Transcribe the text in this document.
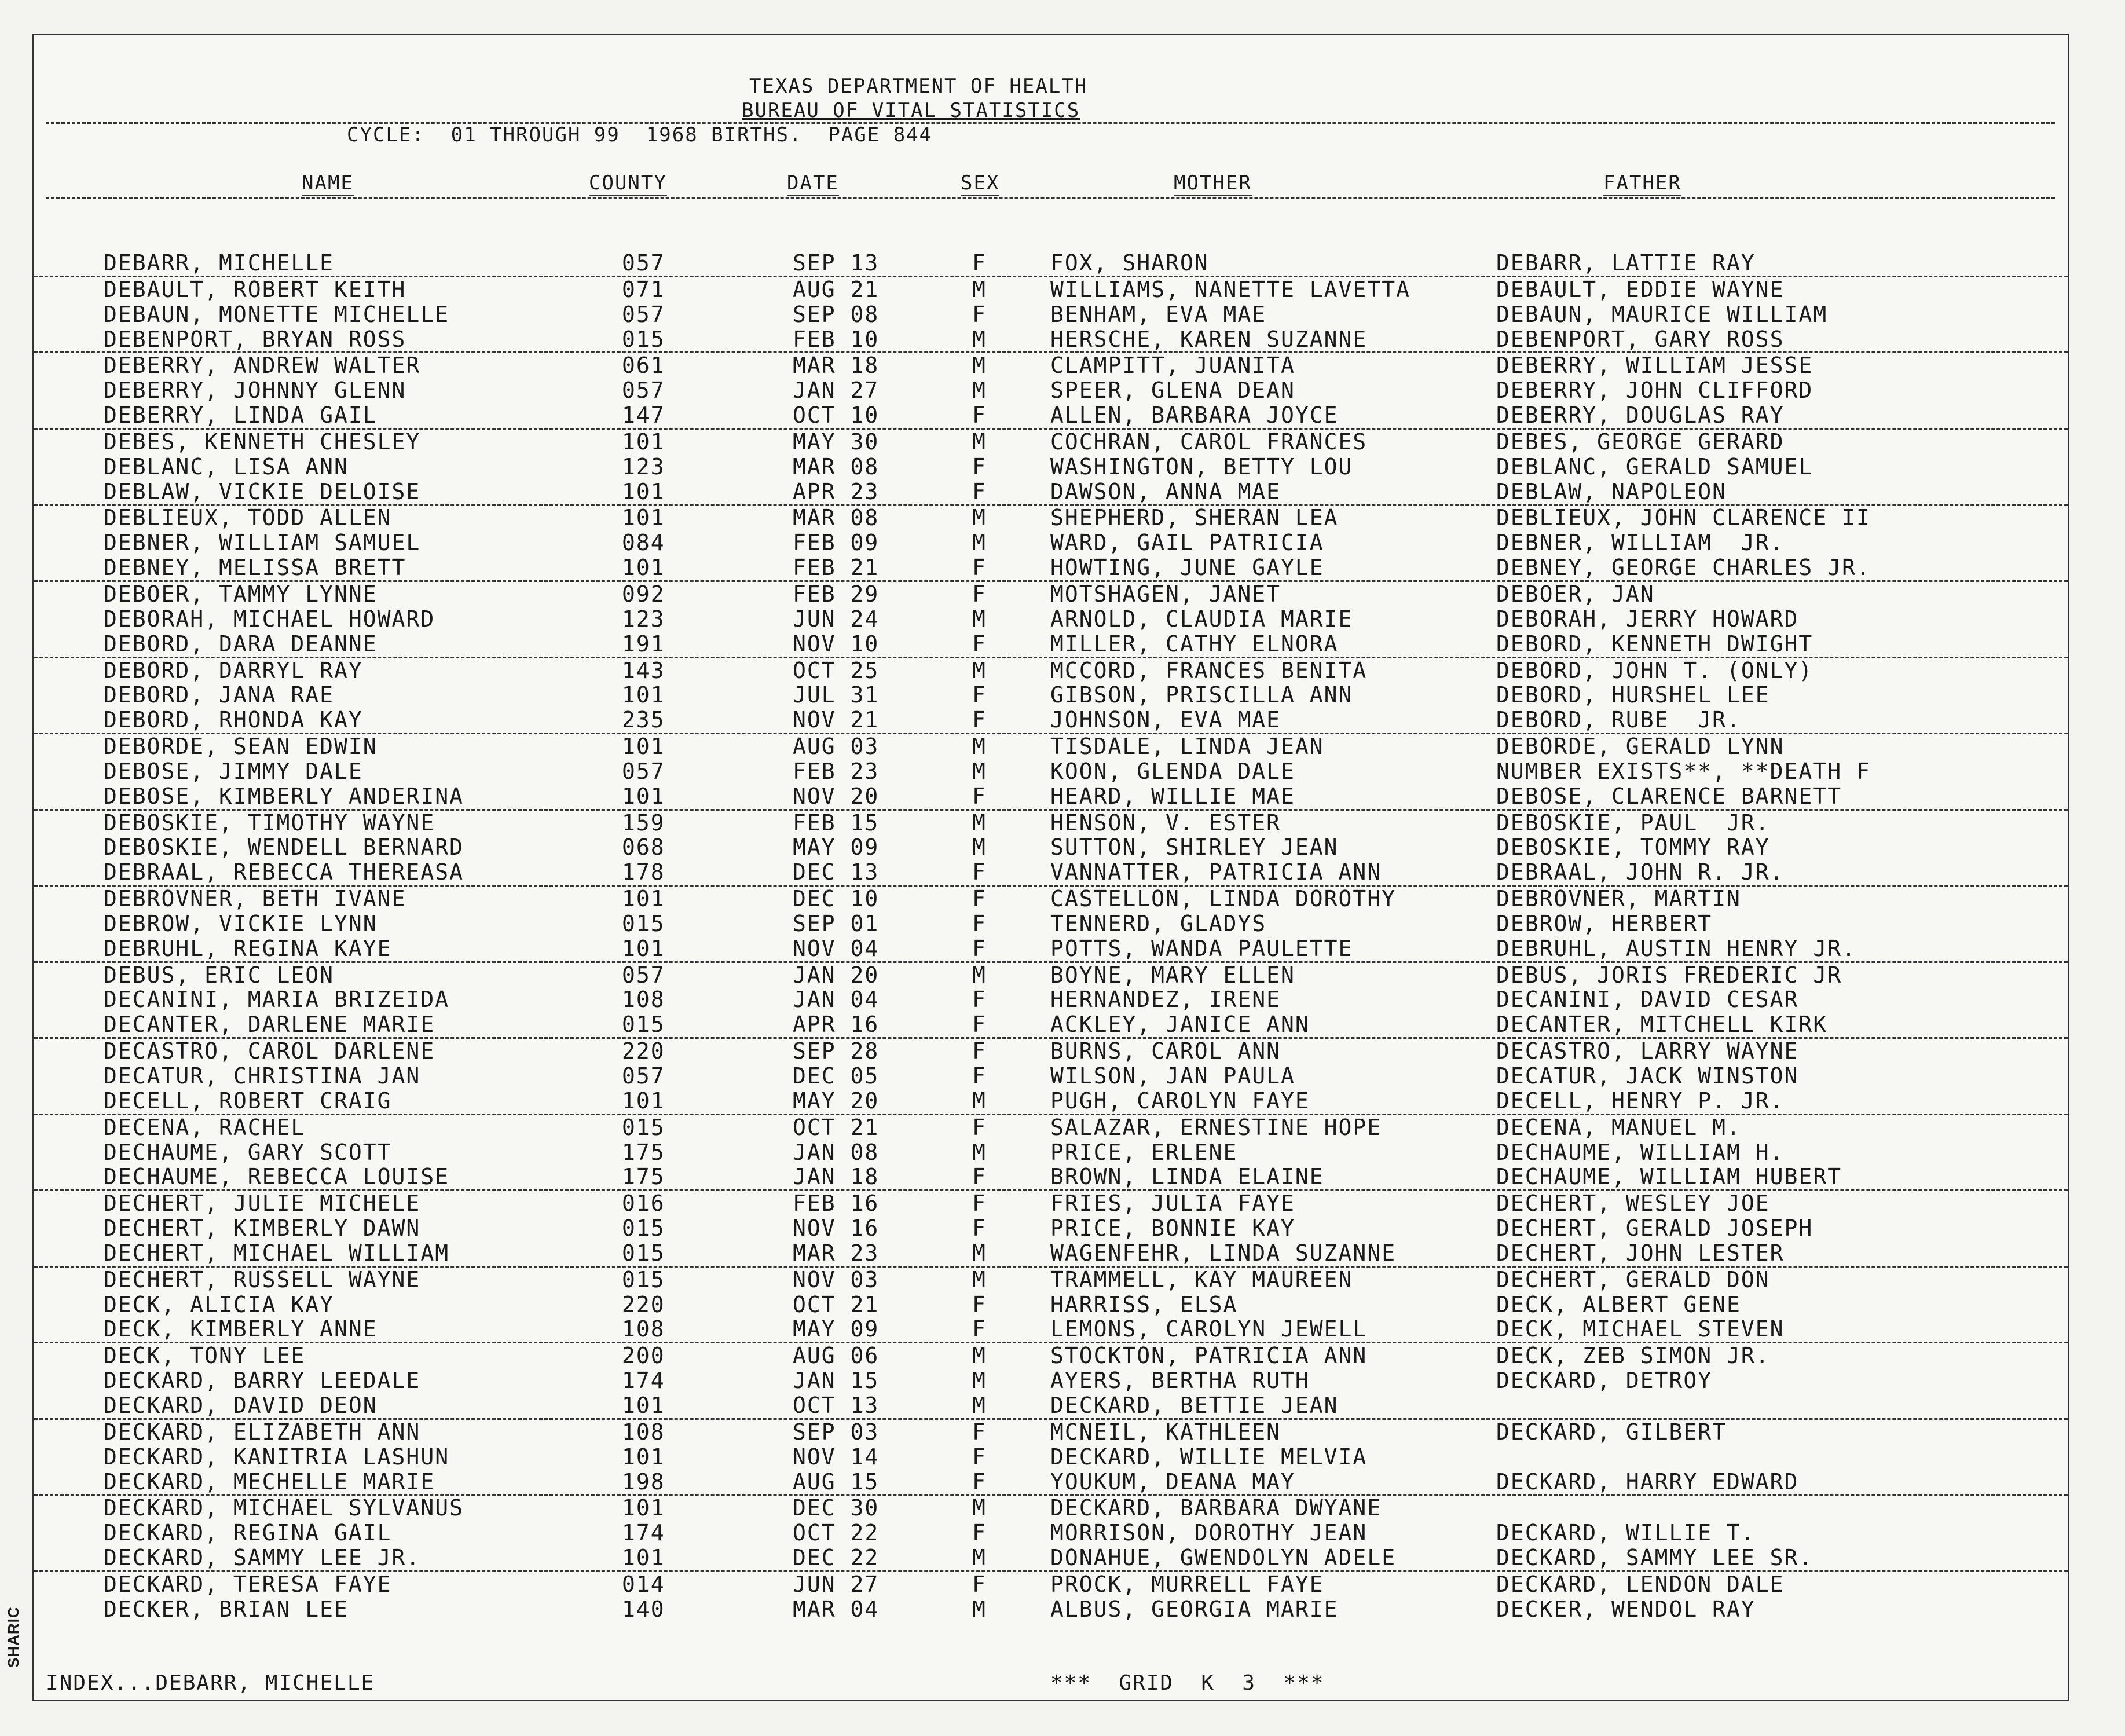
TEXAS DEPARTMENT OF HEALTH
BUREAU OF VITAL STATISTICS
CYCLE:  01 THROUGH 99  1968 BIRTHS.  PAGE 844
NAME	COUNTY	DATE	SEX	MOTHER	FATHER
DEBARR, MICHELLE	057	SEP 13	F	FOX, SHARON	DEBARR, LATTIE RAY
DEBAULT, ROBERT KEITH	071	AUG 21	M	WILLIAMS, NANETTE LAVETTA	DEBAULT, EDDIE WAYNE
DEBAUN, MONETTE MICHELLE	057	SEP 08	F	BENHAM, EVA MAE	DEBAUN, MAURICE WILLIAM
DEBENPORT, BRYAN ROSS	015	FEB 10	M	HERSCHE, KAREN SUZANNE	DEBENPORT, GARY ROSS
DEBERRY, ANDREW WALTER	061	MAR 18	M	CLAMPITT, JUANITA	DEBERRY, WILLIAM JESSE
DEBERRY, JOHNNY GLENN	057	JAN 27	M	SPEER, GLENA DEAN	DEBERRY, JOHN CLIFFORD
DEBERRY, LINDA GAIL	147	OCT 10	F	ALLEN, BARBARA JOYCE	DEBERRY, DOUGLAS RAY
DEBES, KENNETH CHESLEY	101	MAY 30	M	COCHRAN, CAROL FRANCES	DEBES, GEORGE GERARD
DEBLANC, LISA ANN	123	MAR 08	F	WASHINGTON, BETTY LOU	DEBLANC, GERALD SAMUEL
DEBLAW, VICKIE DELOISE	101	APR 23	F	DAWSON, ANNA MAE	DEBLAW, NAPOLEON
DEBLIEUX, TODD ALLEN	101	MAR 08	M	SHEPHERD, SHERAN LEA	DEBLIEUX, JOHN CLARENCE II
DEBNER, WILLIAM SAMUEL	084	FEB 09	M	WARD, GAIL PATRICIA	DEBNER, WILLIAM  JR.
DEBNEY, MELISSA BRETT	101	FEB 21	F	HOWTING, JUNE GAYLE	DEBNEY, GEORGE CHARLES JR.
DEBOER, TAMMY LYNNE	092	FEB 29	F	MOTSHAGEN, JANET	DEBOER, JAN
DEBORAH, MICHAEL HOWARD	123	JUN 24	M	ARNOLD, CLAUDIA MARIE	DEBORAH, JERRY HOWARD
DEBORD, DARA DEANNE	191	NOV 10	F	MILLER, CATHY ELNORA	DEBORD, KENNETH DWIGHT
DEBORD, DARRYL RAY	143	OCT 25	M	MCCORD, FRANCES BENITA	DEBORD, JOHN T. (ONLY)
DEBORD, JANA RAE	101	JUL 31	F	GIBSON, PRISCILLA ANN	DEBORD, HURSHEL LEE
DEBORD, RHONDA KAY	235	NOV 21	F	JOHNSON, EVA MAE	DEBORD, RUBE  JR.
DEBORDE, SEAN EDWIN	101	AUG 03	M	TISDALE, LINDA JEAN	DEBORDE, GERALD LYNN
DEBOSE, JIMMY DALE	057	FEB 23	M	KOON, GLENDA DALE	NUMBER EXISTS**, **DEATH F
DEBOSE, KIMBERLY ANDERINA	101	NOV 20	F	HEARD, WILLIE MAE	DEBOSE, CLARENCE BARNETT
DEBOSKIE, TIMOTHY WAYNE	159	FEB 15	M	HENSON, V. ESTER	DEBOSKIE, PAUL  JR.
DEBOSKIE, WENDELL BERNARD	068	MAY 09	M	SUTTON, SHIRLEY JEAN	DEBOSKIE, TOMMY RAY
DEBRAAL, REBECCA THEREASA	178	DEC 13	F	VANNATTER, PATRICIA ANN	DEBRAAL, JOHN R. JR.
DEBROVNER, BETH IVANE	101	DEC 10	F	CASTELLON, LINDA DOROTHY	DEBROVNER, MARTIN
DEBROW, VICKIE LYNN	015	SEP 01	F	TENNERD, GLADYS	DEBROW, HERBERT
DEBRUHL, REGINA KAYE	101	NOV 04	F	POTTS, WANDA PAULETTE	DEBRUHL, AUSTIN HENRY JR.
DEBUS, ERIC LEON	057	JAN 20	M	BOYNE, MARY ELLEN	DEBUS, JORIS FREDERIC JR
DECANINI, MARIA BRIZEIDA	108	JAN 04	F	HERNANDEZ, IRENE	DECANINI, DAVID CESAR
DECANTER, DARLENE MARIE	015	APR 16	F	ACKLEY, JANICE ANN	DECANTER, MITCHELL KIRK
DECASTRO, CAROL DARLENE	220	SEP 28	F	BURNS, CAROL ANN	DECASTRO, LARRY WAYNE
DECATUR, CHRISTINA JAN	057	DEC 05	F	WILSON, JAN PAULA	DECATUR, JACK WINSTON
DECELL, ROBERT CRAIG	101	MAY 20	M	PUGH, CAROLYN FAYE	DECELL, HENRY P. JR.
DECENA, RACHEL	015	OCT 21	F	SALAZAR, ERNESTINE HOPE	DECENA, MANUEL M.
DECHAUME, GARY SCOTT	175	JAN 08	M	PRICE, ERLENE	DECHAUME, WILLIAM H.
DECHAUME, REBECCA LOUISE	175	JAN 18	F	BROWN, LINDA ELAINE	DECHAUME, WILLIAM HUBERT
DECHERT, JULIE MICHELE	016	FEB 16	F	FRIES, JULIA FAYE	DECHERT, WESLEY JOE
DECHERT, KIMBERLY DAWN	015	NOV 16	F	PRICE, BONNIE KAY	DECHERT, GERALD JOSEPH
DECHERT, MICHAEL WILLIAM	015	MAR 23	M	WAGENFEHR, LINDA SUZANNE	DECHERT, JOHN LESTER
DECHERT, RUSSELL WAYNE	015	NOV 03	M	TRAMMELL, KAY MAUREEN	DECHERT, GERALD DON
DECK, ALICIA KAY	220	OCT 21	F	HARRISS, ELSA	DECK, ALBERT GENE
DECK, KIMBERLY ANNE	108	MAY 09	F	LEMONS, CAROLYN JEWELL	DECK, MICHAEL STEVEN
DECK, TONY LEE	200	AUG 06	M	STOCKTON, PATRICIA ANN	DECK, ZEB SIMON JR.
DECKARD, BARRY LEEDALE	174	JAN 15	M	AYERS, BERTHA RUTH	DECKARD, DETROY
DECKARD, DAVID DEON	101	OCT 13	M	DECKARD, BETTIE JEAN
DECKARD, ELIZABETH ANN	108	SEP 03	F	MCNEIL, KATHLEEN	DECKARD, GILBERT
DECKARD, KANITRIA LASHUN	101	NOV 14	F	DECKARD, WILLIE MELVIA
DECKARD, MECHELLE MARIE	198	AUG 15	F	YOUKUM, DEANA MAY	DECKARD, HARRY EDWARD
DECKARD, MICHAEL SYLVANUS	101	DEC 30	M	DECKARD, BARBARA DWYANE
DECKARD, REGINA GAIL	174	OCT 22	F	MORRISON, DOROTHY JEAN	DECKARD, WILLIE T.
DECKARD, SAMMY LEE JR.	101	DEC 22	M	DONAHUE, GWENDOLYN ADELE	DECKARD, SAMMY LEE SR.
DECKARD, TERESA FAYE	014	JUN 27	F	PROCK, MURRELL FAYE	DECKARD, LENDON DALE
DECKER, BRIAN LEE	140	MAR 04	M	ALBUS, GEORGIA MARIE	DECKER, WENDOL RAY
INDEX...DEBARR, MICHELLE	***  GRID  K  3  ***
SHARIC
